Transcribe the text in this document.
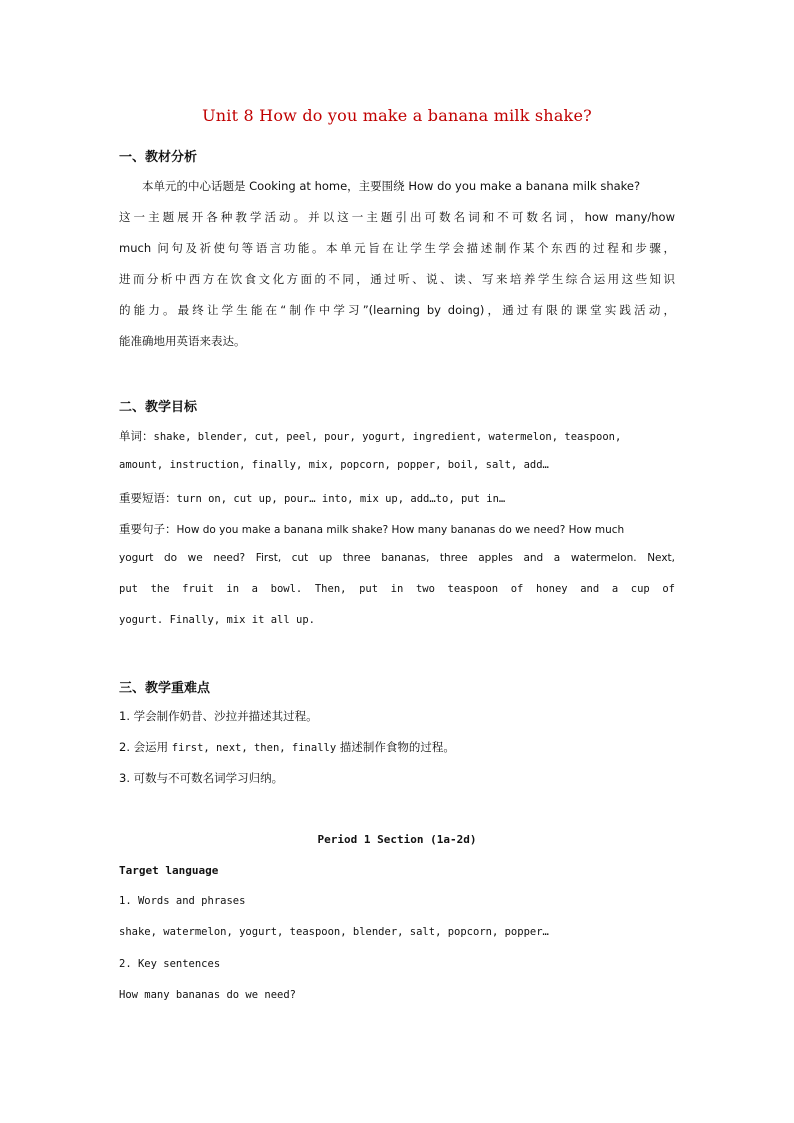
Unit 8 How do you make a banana milk shake?
一、教材分析
　　本单元的中心话题是 Cooking at home，主要围绕 How do you make a banana milk shake?
这一主题展开各种教学活动。并以这一主题引出可数名词和不可数名词，how many/how
much 问句及祈使句等语言功能。本单元旨在让学生学会描述制作某个东西的过程和步骤，
进而分析中西方在饮食文化方面的不同，通过听、说、读、写来培养学生综合运用这些知识
的能力。最终让学生能在“制作中学习”(learning by doing)，通过有限的课堂实践活动，
能准确地用英语来表达。
二、教学目标
单词：shake, blender, cut, peel, pour, yogurt, ingredient, watermelon, teaspoon,
amount, instruction, finally, mix, popcorn, popper, boil, salt, add…
重要短语：turn on, cut up, pour… into, mix up, add…to, put in…
重要句子：How do you make a banana milk shake? How many bananas do we need? How much
yogurt do we need? First, cut up three bananas, three apples and a watermelon. Next,
put the fruit in a bowl. Then, put in two teaspoon of honey and a cup of
yogurt. Finally, mix it all up.
三、教学重难点
1. 学会制作奶昔、沙拉并描述其过程。
2. 会运用 first, next, then, finally 描述制作食物的过程。
3. 可数与不可数名词学习归纳。
Period 1 Section (1a-2d)
Target language
1. Words and phrases
shake, watermelon, yogurt, teaspoon, blender, salt, popcorn, popper…
2. Key sentences
How many bananas do we need?
